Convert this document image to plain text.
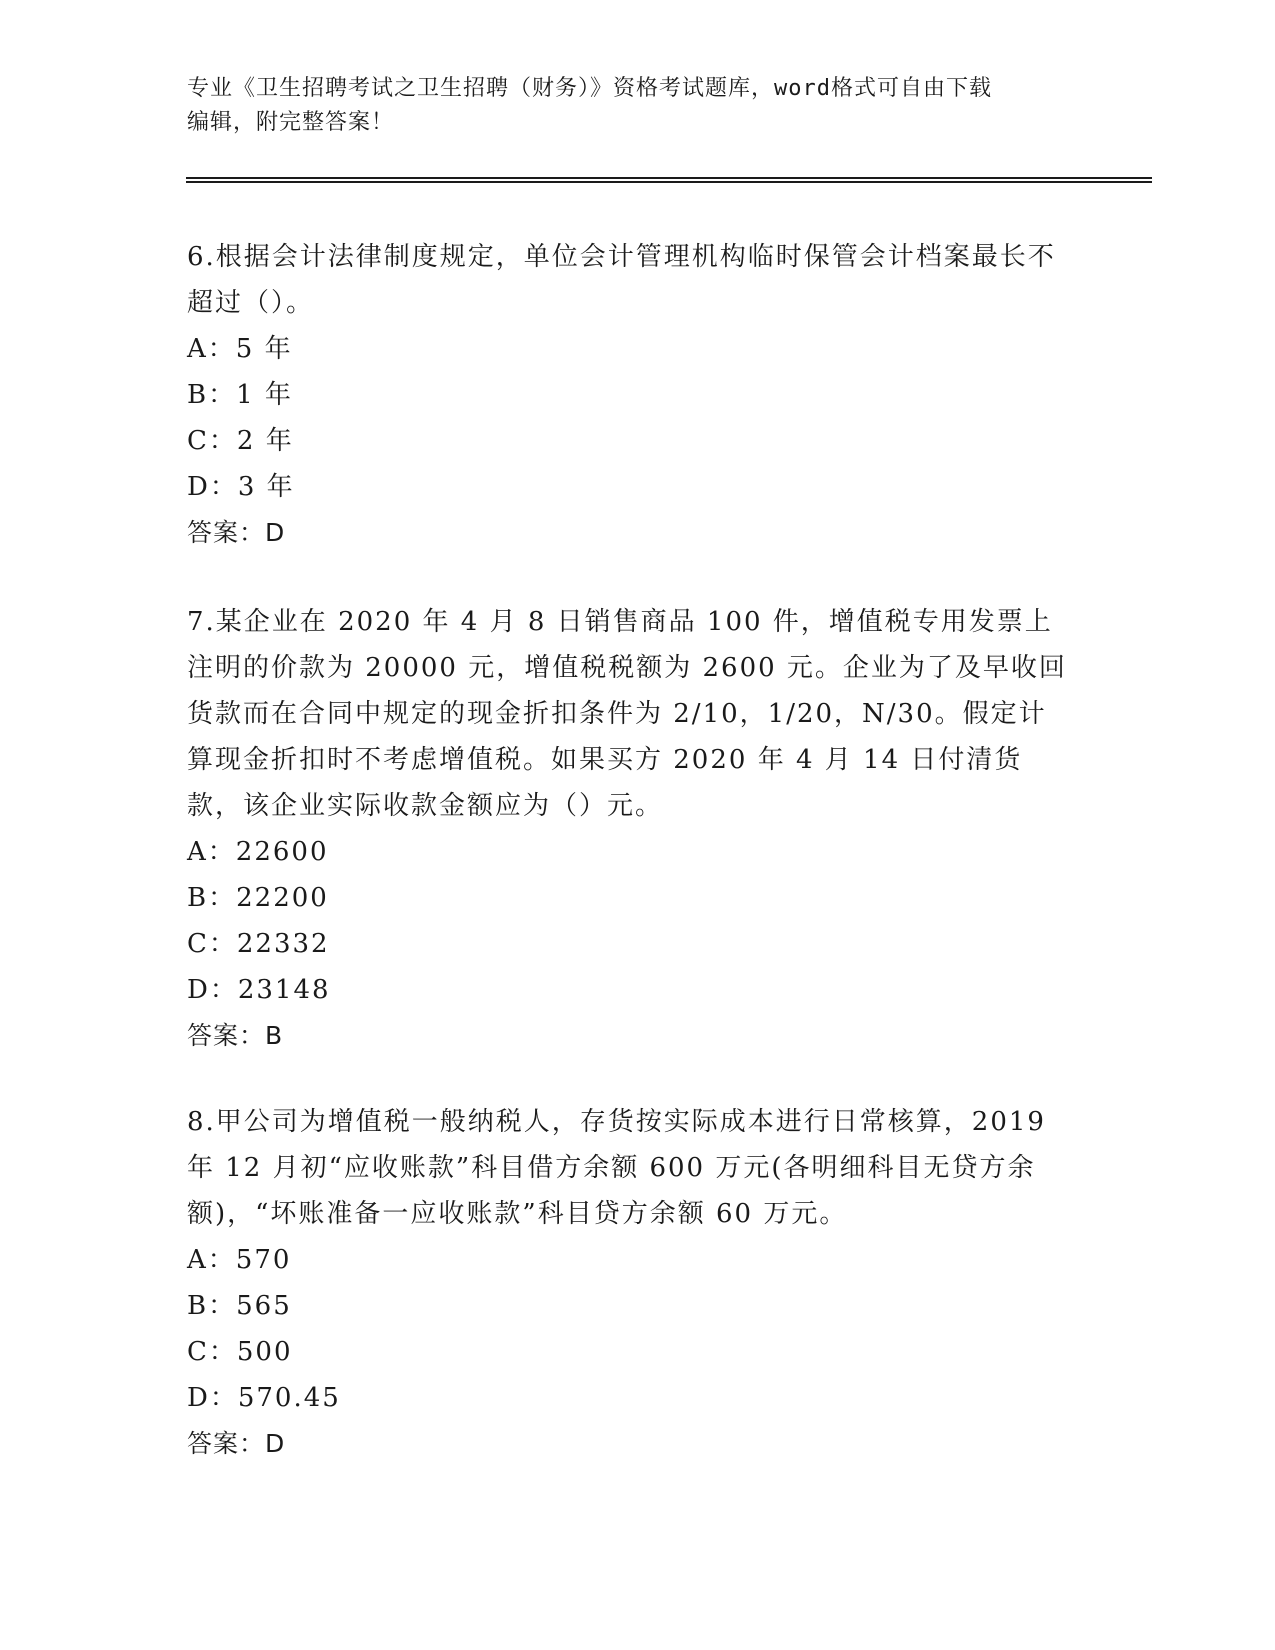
专业《卫生招聘考试之卫生招聘（财务）》资格考试题库，word格式可自由下载
编辑，附完整答案！
6.根据会计法律制度规定，单位会计管理机构临时保管会计档案最长不超过（）。
A：5 年
B：1 年
C：2 年
D：3 年
答案：D
7.某企业在 2020 年 4 月 8 日销售商品 100 件，增值税专用发票上注明的价款为 20000 元，增值税税额为 2600 元。企业为了及早收回货款而在合同中规定的现金折扣条件为 2/10，1/20，N/30。假定计算现金折扣时不考虑增值税。如果买方 2020 年 4 月 14 日付清货款，该企业实际收款金额应为（）元。
A：22600
B：22200
C：22332
D：23148
答案：B
8.甲公司为增值税一般纳税人，存货按实际成本进行日常核算，2019 年 12 月初“应收账款”科目借方余额 600 万元(各明细科目无贷方余额)，“坏账准备一应收账款”科目贷方余额 60 万元。
A：570
B：565
C：500
D：570.45
答案：D
